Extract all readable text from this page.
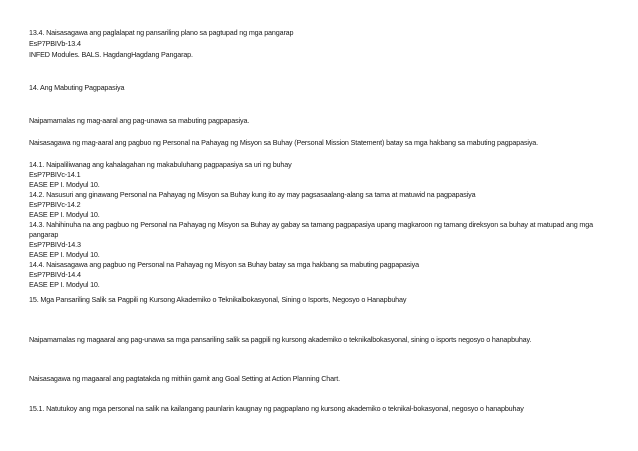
13.4. Naisasagawa ang paglalapat ng pansariling plano sa pagtupad ng mga pangarap
EsP7PBIVb-13.4
INFED Modules. BALS. HagdangHagdang Pangarap.
14. Ang Mabuting Pagpapasiya
Naipamamalas ng mag-aaral ang pag-unawa sa mabuting pagpapasiya.
Naisasagawa ng mag-aaral ang pagbuo ng Personal na Pahayag ng Misyon sa Buhay (Personal Mission Statement) batay sa mga hakbang sa mabuting pagpapasiya.
14.1. Naipaliliwanag ang kahalagahan ng makabuluhang pagpapasiya sa uri ng buhay
EsP7PBIVc-14.1
EASE EP I. Modyul 10.
14.2. Nasusuri ang ginawang Personal na Pahayag ng Misyon sa Buhay kung ito ay may pagsasaalang-alang sa tama at matuwid na pagpapasiya
EsP7PBIVc-14.2
EASE EP I. Modyul 10.
14.3. Nahihinuha na ang pagbuo ng Personal na Pahayag ng Misyon sa Buhay ay gabay sa tamang pagpapasiya upang magkaroon ng tamang direksyon sa buhay at matupad ang mga pangarap
EsP7PBIVd-14.3
EASE EP I. Modyul 10.
14.4. Naisasagawa ang pagbuo ng Personal na Pahayag ng Misyon sa Buhay batay sa mga hakbang sa mabuting pagpapasiya
EsP7PBIVd-14.4
EASE EP I. Modyul 10.
15. Mga Pansariling Salik sa Pagpili ng Kursong Akademiko o Teknikalbokasyonal, Sining o Isports, Negosyo o Hanapbuhay
Naipamamalas ng magaaral ang pag-unawa sa mga pansariling salik sa pagpili ng kursong akademiko o teknikalbokasyonal, sining o isports negosyo o hanapbuhay.
Naisasagawa ng magaaral ang pagtatakda ng mithiin gamit ang Goal Setting at Action Planning Chart.
15.1. Natutukoy ang mga personal na salik na kailangang paunlarin kaugnay ng pagpaplano ng kursong akademiko o teknikal-bokasyonal, negosyo o hanapbuhay
